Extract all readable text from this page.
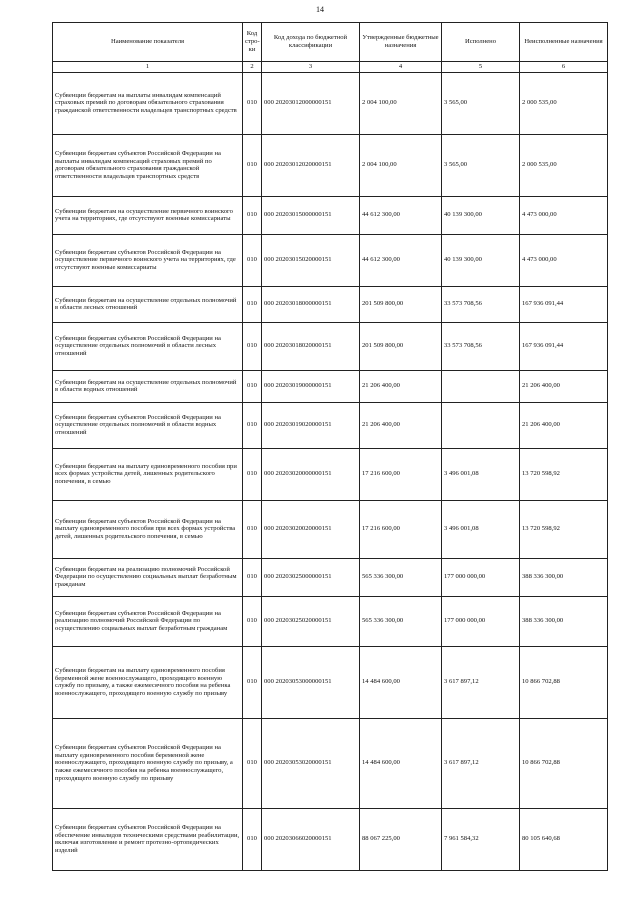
14
Наименование показателя	Код стро-ки	Код дохода по бюджетной классификации	Утвержденные бюджетные назначения	Исполнено	Неисполненные назначения
1	2	3	4	5	6
Субвенции бюджетам на выплаты инвалидам компенсаций страховых премий по договорам обязательного страхования гражданской ответственности владельцев транспортных средств	010	000 20203012000000151	2 004 100,00	3 565,00	2 000 535,00
Субвенции бюджетам субъектов Российской Федерации на выплаты инвалидам компенсаций страховых премий по договорам обязательного страхования гражданской ответственности владельцев транспортных средств	010	000 20203012020000151	2 004 100,00	3 565,00	2 000 535,00
Субвенции бюджетам на осуществление первичного воинского учета на территориях, где отсутствуют военные комиссариаты	010	000 20203015000000151	44 612 300,00	40 139 300,00	4 473 000,00
Субвенции бюджетам субъектов Российской Федерации на осуществление первичного воинского учета на территориях, где отсутствуют военные комиссариаты	010	000 20203015020000151	44 612 300,00	40 139 300,00	4 473 000,00
Субвенции бюджетам на осуществление отдельных полномочий в области лесных отношений	010	000 20203018000000151	201 509 800,00	33 573 708,56	167 936 091,44
Субвенции бюджетам субъектов Российской Федерации на осуществление отдельных полномочий в области лесных отношений	010	000 20203018020000151	201 509 800,00	33 573 708,56	167 936 091,44
Субвенции бюджетам на осуществление отдельных полномочий в области водных отношений	010	000 20203019000000151	21 206 400,00		21 206 400,00
Субвенции бюджетам субъектов Российской Федерации на осуществление отдельных полномочий в области водных отношений	010	000 20203019020000151	21 206 400,00		21 206 400,00
Субвенции бюджетам на выплату единовременного пособия при всех формах устройства детей, лишенных родительского попечения, в семью	010	000 20203020000000151	17 216 600,00	3 496 001,08	13 720 598,92
Субвенции бюджетам субъектов Российской Федерации на выплату единовременного пособия при всех формах устройства детей, лишенных родительского попечения, в семью	010	000 20203020020000151	17 216 600,00	3 496 001,08	13 720 598,92
Субвенции бюджетам на реализацию полномочий Российской Федерации по осуществлению социальных выплат безработным гражданам	010	000 20203025000000151	565 336 300,00	177 000 000,00	388 336 300,00
Субвенции бюджетам субъектов Российской Федерации на реализацию полномочий Российской Федерации по осуществлению социальных выплат безработным гражданам	010	000 20203025020000151	565 336 300,00	177 000 000,00	388 336 300,00
Субвенции бюджетам на выплату единовременного пособия беременной жене военнослужащего, проходящего военную службу по призыву, а также ежемесячного пособия на ребенка военнослужащего, проходящего военную службу по призыву	010	000 20203053000000151	14 484 600,00	3 617 897,12	10 866 702,88
Субвенции бюджетам субъектов Российской Федерации на выплату единовременного пособия беременной жене военнослужащего, проходящего военную службу по призыву, а также ежемесячного пособия на ребенка военнослужащего, проходящего военную службу по призыву	010	000 20203053020000151	14 484 600,00	3 617 897,12	10 866 702,88
Субвенции бюджетам субъектов Российской Федерации на обеспечение инвалидов техническими средствами реабилитации, включая изготовление и ремонт протезно-ортопедических изделий	010	000 20203066020000151	88 067 225,00	7 961 584,32	80 105 640,68
